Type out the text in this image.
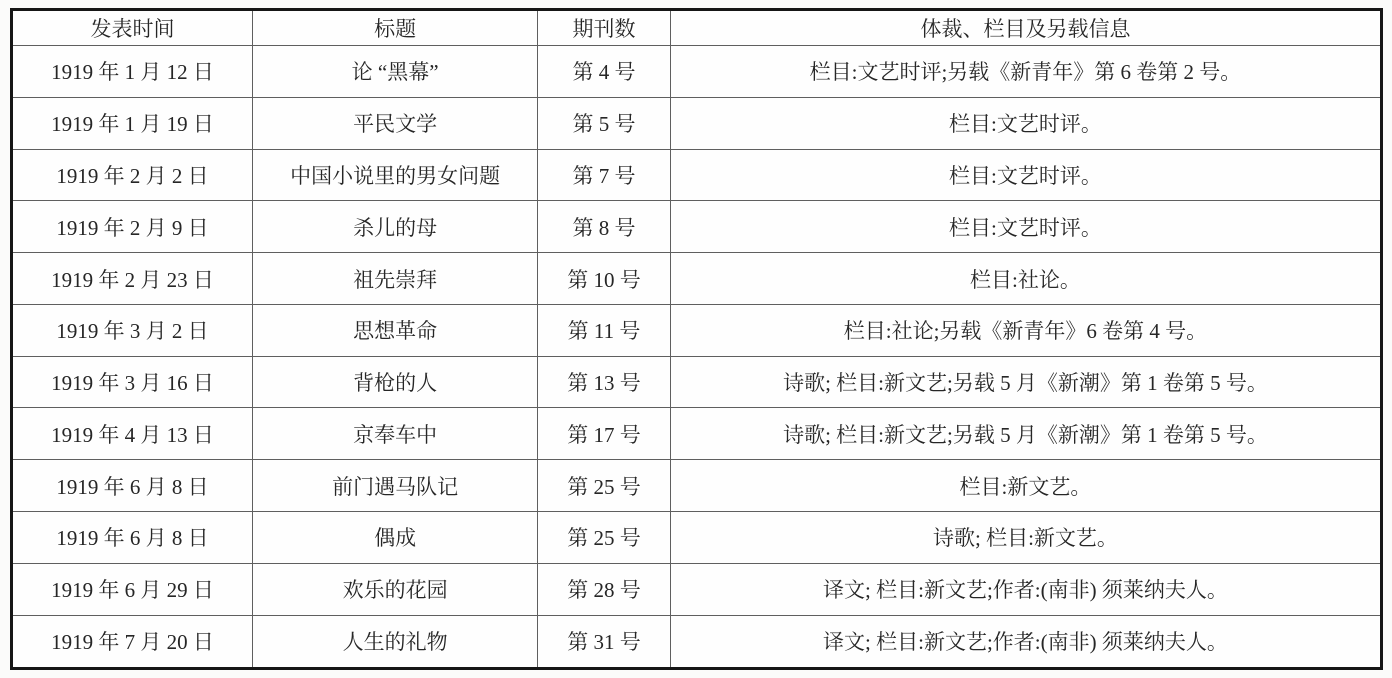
发表时间	标题	期刊数	体裁、栏目及另载信息
1919 年 1 月 12 日	论 “黑幕”	第 4 号	栏目:文艺时评;另载《新青年》第 6 卷第 2 号。
1919 年 1 月 19 日	平民文学	第 5 号	栏目:文艺时评。
1919 年 2 月 2 日	中国小说里的男女问题	第 7 号	栏目:文艺时评。
1919 年 2 月 9 日	杀儿的母	第 8 号	栏目:文艺时评。
1919 年 2 月 23 日	祖先崇拜	第 10 号	栏目:社论。
1919 年 3 月 2 日	思想革命	第 11 号	栏目:社论;另载《新青年》6 卷第 4 号。
1919 年 3 月 16 日	背枪的人	第 13 号	诗歌; 栏目:新文艺;另载 5 月《新潮》第 1 卷第 5 号。
1919 年 4 月 13 日	京奉车中	第 17 号	诗歌; 栏目:新文艺;另载 5 月《新潮》第 1 卷第 5 号。
1919 年 6 月 8 日	前门遇马队记	第 25 号	栏目:新文艺。
1919 年 6 月 8 日	偶成	第 25 号	诗歌; 栏目:新文艺。
1919 年 6 月 29 日	欢乐的花园	第 28 号	译文; 栏目:新文艺;作者:(南非) 须莱纳夫人。
1919 年 7 月 20 日	人生的礼物	第 31 号	译文; 栏目:新文艺;作者:(南非) 须莱纳夫人。
